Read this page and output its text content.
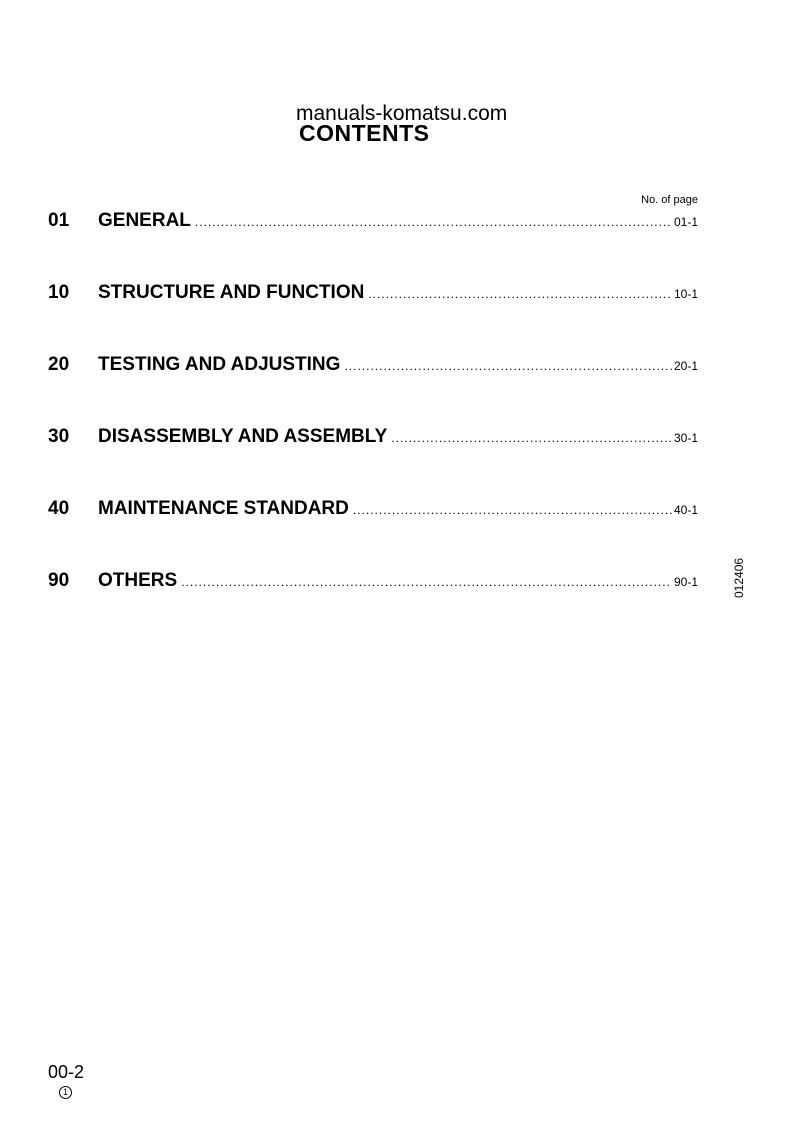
manuals-komatsu.com
CONTENTS
No. of page
01	GENERAL .....	01-1
10	STRUCTURE AND FUNCTION .....	10-1
20	TESTING AND ADJUSTING .....	20-1
30	DISASSEMBLY AND ASSEMBLY .....	30-1
40	MAINTENANCE STANDARD .....	40-1
90	OTHERS .....	90-1	012406
00-2
1
